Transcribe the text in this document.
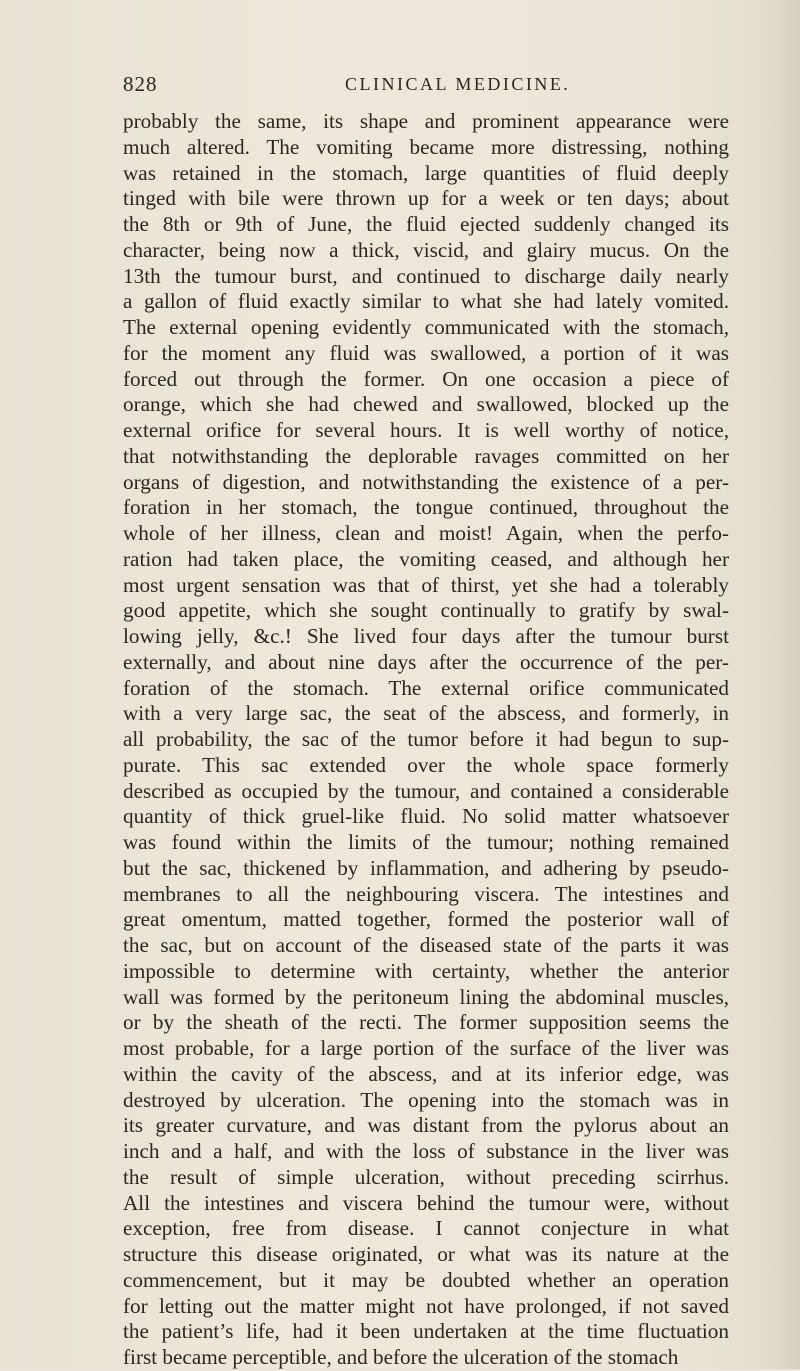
828	CLINICAL MEDICINE.
probably the same, its shape and prominent appearance were
much altered. The vomiting became more distressing, nothing
was retained in the stomach, large quantities of fluid deeply
tinged with bile were thrown up for a week or ten days; about
the 8th or 9th of June, the fluid ejected suddenly changed its
character, being now a thick, viscid, and glairy mucus. On the
13th the tumour burst, and continued to discharge daily nearly
a gallon of fluid exactly similar to what she had lately vomited.
The external opening evidently communicated with the stomach,
for the moment any fluid was swallowed, a portion of it was
forced out through the former. On one occasion a piece of
orange, which she had chewed and swallowed, blocked up the
external orifice for several hours. It is well worthy of notice,
that notwithstanding the deplorable ravages committed on her
organs of digestion, and notwithstanding the existence of a per-
foration in her stomach, the tongue continued, throughout the
whole of her illness, clean and moist! Again, when the perfo-
ration had taken place, the vomiting ceased, and although her
most urgent sensation was that of thirst, yet she had a tolerably
good appetite, which she sought continually to gratify by swal-
lowing jelly, &c.! She lived four days after the tumour burst
externally, and about nine days after the occurrence of the per-
foration of the stomach. The external orifice communicated
with a very large sac, the seat of the abscess, and formerly, in
all probability, the sac of the tumor before it had begun to sup-
purate. This sac extended over the whole space formerly
described as occupied by the tumour, and contained a considerable
quantity of thick gruel-like fluid. No solid matter whatsoever
was found within the limits of the tumour; nothing remained
but the sac, thickened by inflammation, and adhering by pseudo-
membranes to all the neighbouring viscera. The intestines and
great omentum, matted together, formed the posterior wall of
the sac, but on account of the diseased state of the parts it was
impossible to determine with certainty, whether the anterior
wall was formed by the peritoneum lining the abdominal muscles,
or by the sheath of the recti. The former supposition seems the
most probable, for a large portion of the surface of the liver was
within the cavity of the abscess, and at its inferior edge, was
destroyed by ulceration. The opening into the stomach was in
its greater curvature, and was distant from the pylorus about an
inch and a half, and with the loss of substance in the liver was
the result of simple ulceration, without preceding scirrhus.
All the intestines and viscera behind the tumour were, without
exception, free from disease. I cannot conjecture in what
structure this disease originated, or what was its nature at the
commencement, but it may be doubted whether an operation
for letting out the matter might not have prolonged, if not saved
the patient’s life, had it been undertaken at the time fluctuation
first became perceptible, and before the ulceration of the stomach
